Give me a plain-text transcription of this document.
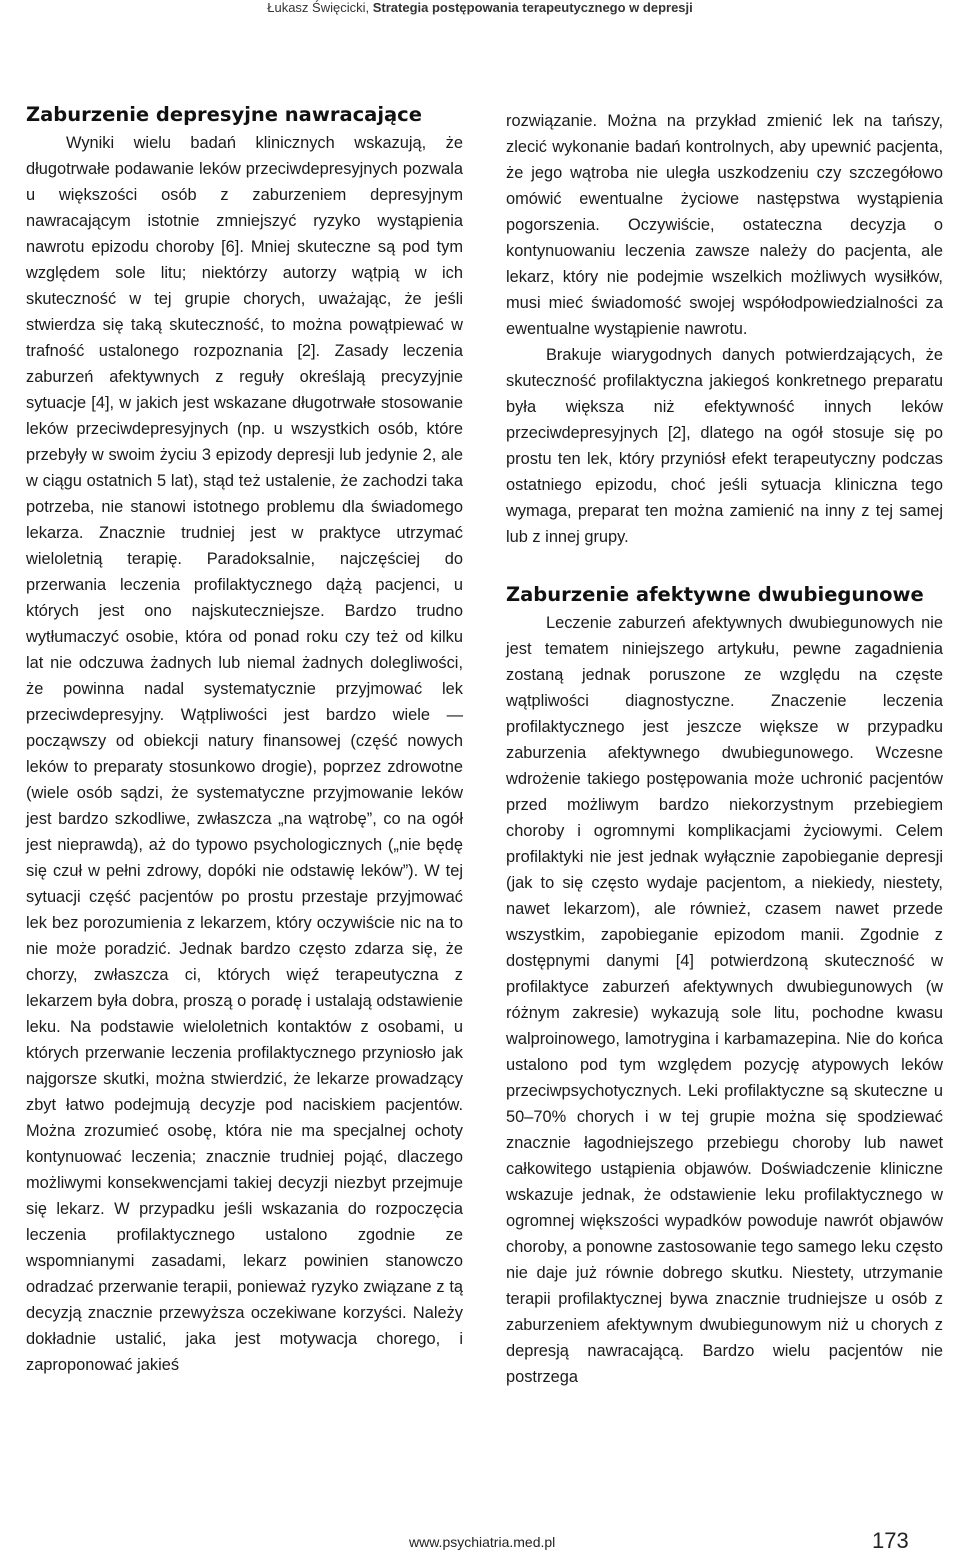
Łukasz Święcicki, Strategia postępowania terapeutycznego w depresji
Zaburzenie depresyjne nawracające

Wyniki wielu badań klinicznych wskazują, że długotrwałe podawanie leków przeciwdepresyjnych pozwala u większości osób z zaburzeniem depresyjnym nawracającym istotnie zmniejszyć ryzyko wystąpienia nawrotu epizodu choroby [6]. Mniej skuteczne są pod tym względem sole litu; niektórzy autorzy wątpią w ich skuteczność w tej grupie chorych, uważając, że jeśli stwierdza się taką skuteczność, to można powątpiewać w trafność ustalonego rozpoznania [2]. Zasady leczenia zaburzeń afektywnych z reguły określają precyzyjnie sytuacje [4], w jakich jest wskazane długotrwałe stosowanie leków przeciwdepresyjnych (np. u wszystkich osób, które przebyły w swoim życiu 3 epizody depresji lub jedynie 2, ale w ciągu ostatnich 5 lat), stąd też ustalenie, że zachodzi taka potrzeba, nie stanowi istotnego problemu dla świadomego lekarza. Znacznie trudniej jest w praktyce utrzymać wieloletnią terapię. Paradoksalnie, najczęściej do przerwania leczenia profilaktycznego dążą pacjenci, u których jest ono najskuteczniejsze. Bardzo trudno wytłumaczyć osobie, która od ponad roku czy też od kilku lat nie odczuwa żadnych lub niemal żadnych dolegliwości, że powinna nadal systematycznie przyjmować lek przeciwdepresyjny. Wątpliwości jest bardzo wiele — począwszy od obiekcji natury finansowej (część nowych leków to preparaty stosunkowo drogie), poprzez zdrowotne (wiele osób sądzi, że systematyczne przyjmowanie leków jest bardzo szkodliwe, zwłaszcza „na wątrobę”, co na ogół jest nieprawdą), aż do typowo psychologicznych („nie będę się czuł w pełni zdrowy, dopóki nie odstawię leków”). W tej sytuacji część pacjentów po prostu przestaje przyjmować lek bez porozumienia z lekarzem, który oczywiście nic na to nie może poradzić. Jednak bardzo często zdarza się, że chorzy, zwłaszcza ci, których więź terapeutyczna z lekarzem była dobra, proszą o poradę i ustalają odstawienie leku. Na podstawie wieloletnich kontaktów z osobami, u których przerwanie leczenia profilaktycznego przyniosło jak najgorsze skutki, można stwierdzić, że lekarze prowadzący zbyt łatwo podejmują decyzje pod naciskiem pacjentów. Można zrozumieć osobę, która nie ma specjalnej ochoty kontynuować leczenia; znacznie trudniej pojąć, dlaczego możliwymi konsekwencjami takiej decyzji niezbyt przejmuje się lekarz. W przypadku jeśli wskazania do rozpoczęcia leczenia profilaktycznego ustalono zgodnie ze wspomnianymi zasadami, lekarz powinien stanowczo odradzać przerwanie terapii, ponieważ ryzyko związane z tą decyzją znacznie przewyższa oczekiwane korzyści. Należy dokładnie ustalić, jaka jest motywacja chorego, i zaproponować jakieś

rozwiązanie. Można na przykład zmienić lek na tańszy, zlecić wykonanie badań kontrolnych, aby upewnić pacjenta, że jego wątroba nie uległa uszkodzeniu czy szczegółowo omówić ewentualne życiowe następstwa wystąpienia pogorszenia. Oczywiście, ostateczna decyzja o kontynuowaniu leczenia zawsze należy do pacjenta, ale lekarz, który nie podejmie wszelkich możliwych wysiłków, musi mieć świadomość swojej współodpowiedzialności za ewentualne wystąpienie nawrotu.

Brakuje wiarygodnych danych potwierdzających, że skuteczność profilaktyczna jakiegoś konkretnego preparatu była większa niż efektywność innych leków przeciwdepresyjnych [2], dlatego na ogół stosuje się po prostu ten lek, który przyniósł efekt terapeutyczny podczas ostatniego epizodu, choć jeśli sytuacja kliniczna tego wymaga, preparat ten można zamienić na inny z tej samej lub z innej grupy.

Zaburzenie afektywne dwubiegunowe

Leczenie zaburzeń afektywnych dwubiegunowych nie jest tematem niniejszego artykułu, pewne zagadnienia zostaną jednak poruszone ze względu na częste wątpliwości diagnostyczne. Znaczenie leczenia profilaktycznego jest jeszcze większe w przypadku zaburzenia afektywnego dwubiegunowego. Wczesne wdrożenie takiego postępowania może uchronić pacjentów przed możliwym bardzo niekorzystnym przebiegiem choroby i ogromnymi komplikacjami życiowymi. Celem profilaktyki nie jest jednak wyłącznie zapobieganie depresji (jak to się często wydaje pacjentom, a niekiedy, niestety, nawet lekarzom), ale również, czasem nawet przede wszystkim, zapobieganie epizodom manii. Zgodnie z dostępnymi danymi [4] potwierdzoną skuteczność w profilaktyce zaburzeń afektywnych dwubiegunowych (w różnym zakresie) wykazują sole litu, pochodne kwasu walproinowego, lamotrygina i karbamazepina. Nie do końca ustalono pod tym względem pozycję atypowych leków przeciwpsychotycznych. Leki profilaktyczne są skuteczne u 50–70% chorych i w tej grupie można się spodziewać znacznie łagodniejszego przebiegu choroby lub nawet całkowitego ustąpienia objawów. Doświadczenie kliniczne wskazuje jednak, że odstawienie leku profilaktycznego w ogromnej większości wypadków powoduje nawrót objawów choroby, a ponowne zastosowanie tego samego leku często nie daje już równie dobrego skutku. Niestety, utrzymanie terapii profilaktycznej bywa znacznie trudniejsze u osób z zaburzeniem afektywnym dwubiegunowym niż u chorych z depresją nawracającą. Bardzo wielu pacjentów nie postrzega

www.psychiatria.med.pl	173
